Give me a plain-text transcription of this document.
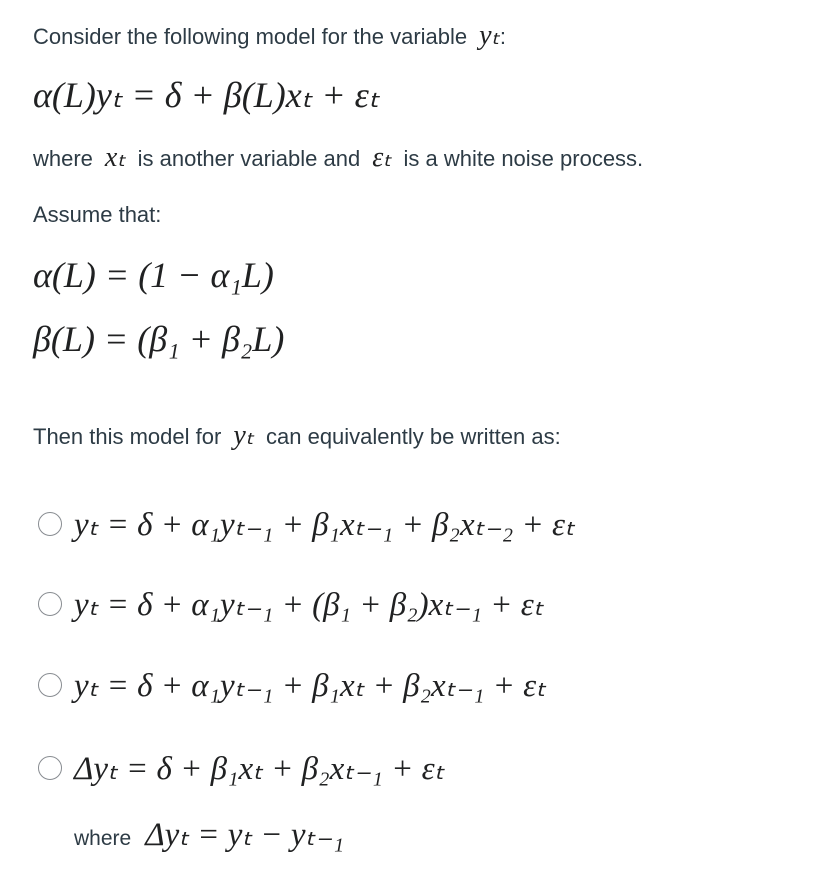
Consider the following model for the variable yₜ :
α(L)yₜ = δ + β(L)xₜ + εₜ
where xₜ is another variable and εₜ is a white noise process.
Assume that:
α(L) = (1 − α₁L)
β(L) = (β₁ + β₂L)
Then this model for yₜ can equivalently be written as:
yₜ = δ + α₁yₜ₋₁ + β₁xₜ₋₁ + β₂xₜ₋₂ + εₜ
yₜ = δ + α₁yₜ₋₁ + (β₁ + β₂)xₜ₋₁ + εₜ
yₜ = δ + α₁yₜ₋₁ + β₁xₜ + β₂xₜ₋₁ + εₜ
Δyₜ = δ + β₁xₜ + β₂xₜ₋₁ + εₜ
where Δyₜ = yₜ − yₜ₋₁
